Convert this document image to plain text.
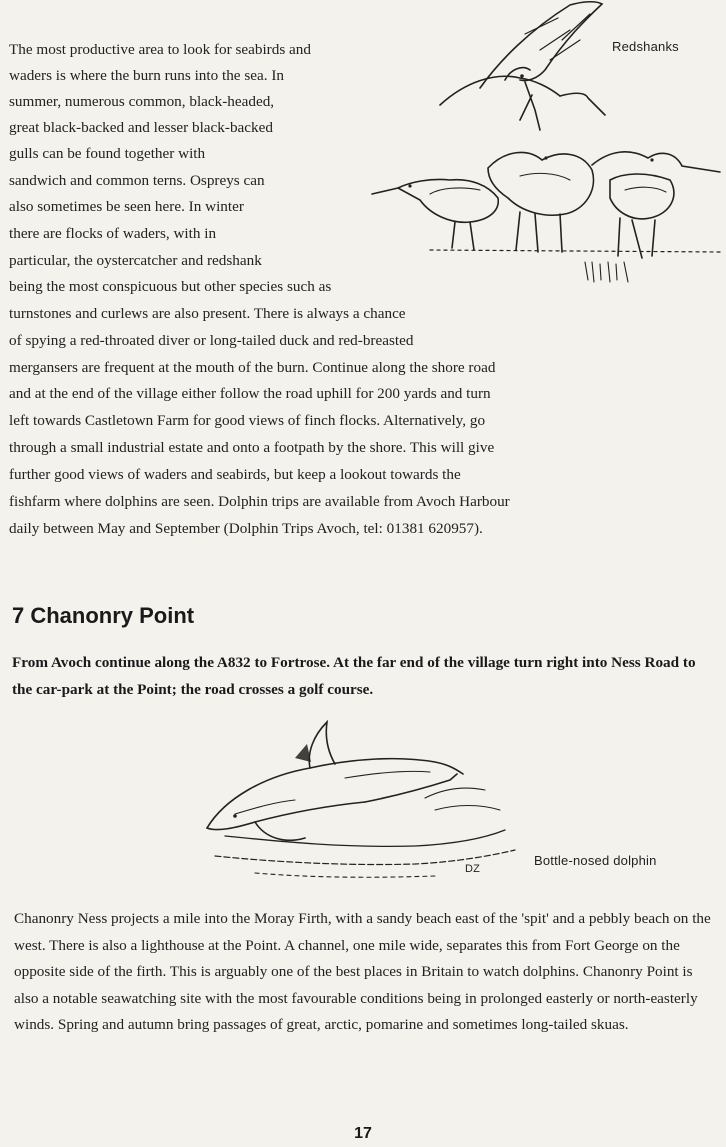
Redshanks
The most productive area to look for seabirds and
waders is where the burn runs into the sea. In
summer, numerous common, black-headed,
great black-backed and lesser black-backed
gulls can be found together with
sandwich and common terns. Ospreys can
also sometimes be seen here. In winter
there are flocks of waders, with in
particular, the oystercatcher and redshank
being the most conspicuous but other species such as
turnstones and curlews are also present. There is always a chance
of spying a red-throated diver or long-tailed duck and red-breasted
mergansers are frequent at the mouth of the burn. Continue along the shore road
and at the end of the village either follow the road uphill for 200 yards and turn
left towards Castletown Farm for good views of finch flocks. Alternatively, go
through a small industrial estate and onto a footpath by the shore. This will give
further good views of waders and seabirds, but keep a lookout towards the
fishfarm where dolphins are seen. Dolphin trips are available from Avoch Harbour
daily between May and September (Dolphin Trips Avoch, tel: 01381 620957).
7 Chanonry Point
From Avoch continue along the A832 to Fortrose. At the far end of the village turn right into Ness Road to the car-park at the Point; the road crosses a golf course.
DZ
Bottle-nosed dolphin
Chanonry Ness projects a mile into the Moray Firth, with a sandy beach east of the 'spit' and a pebbly beach on the west. There is also a lighthouse at the Point. A channel, one mile wide, separates this from Fort George on the opposite side of the firth. This is arguably one of the best places in Britain to watch dolphins. Chanonry Point is also a notable seawatching site with the most favourable conditions being in prolonged easterly or north-easterly winds. Spring and autumn bring passages of great, arctic, pomarine and sometimes long-tailed skuas.
17
